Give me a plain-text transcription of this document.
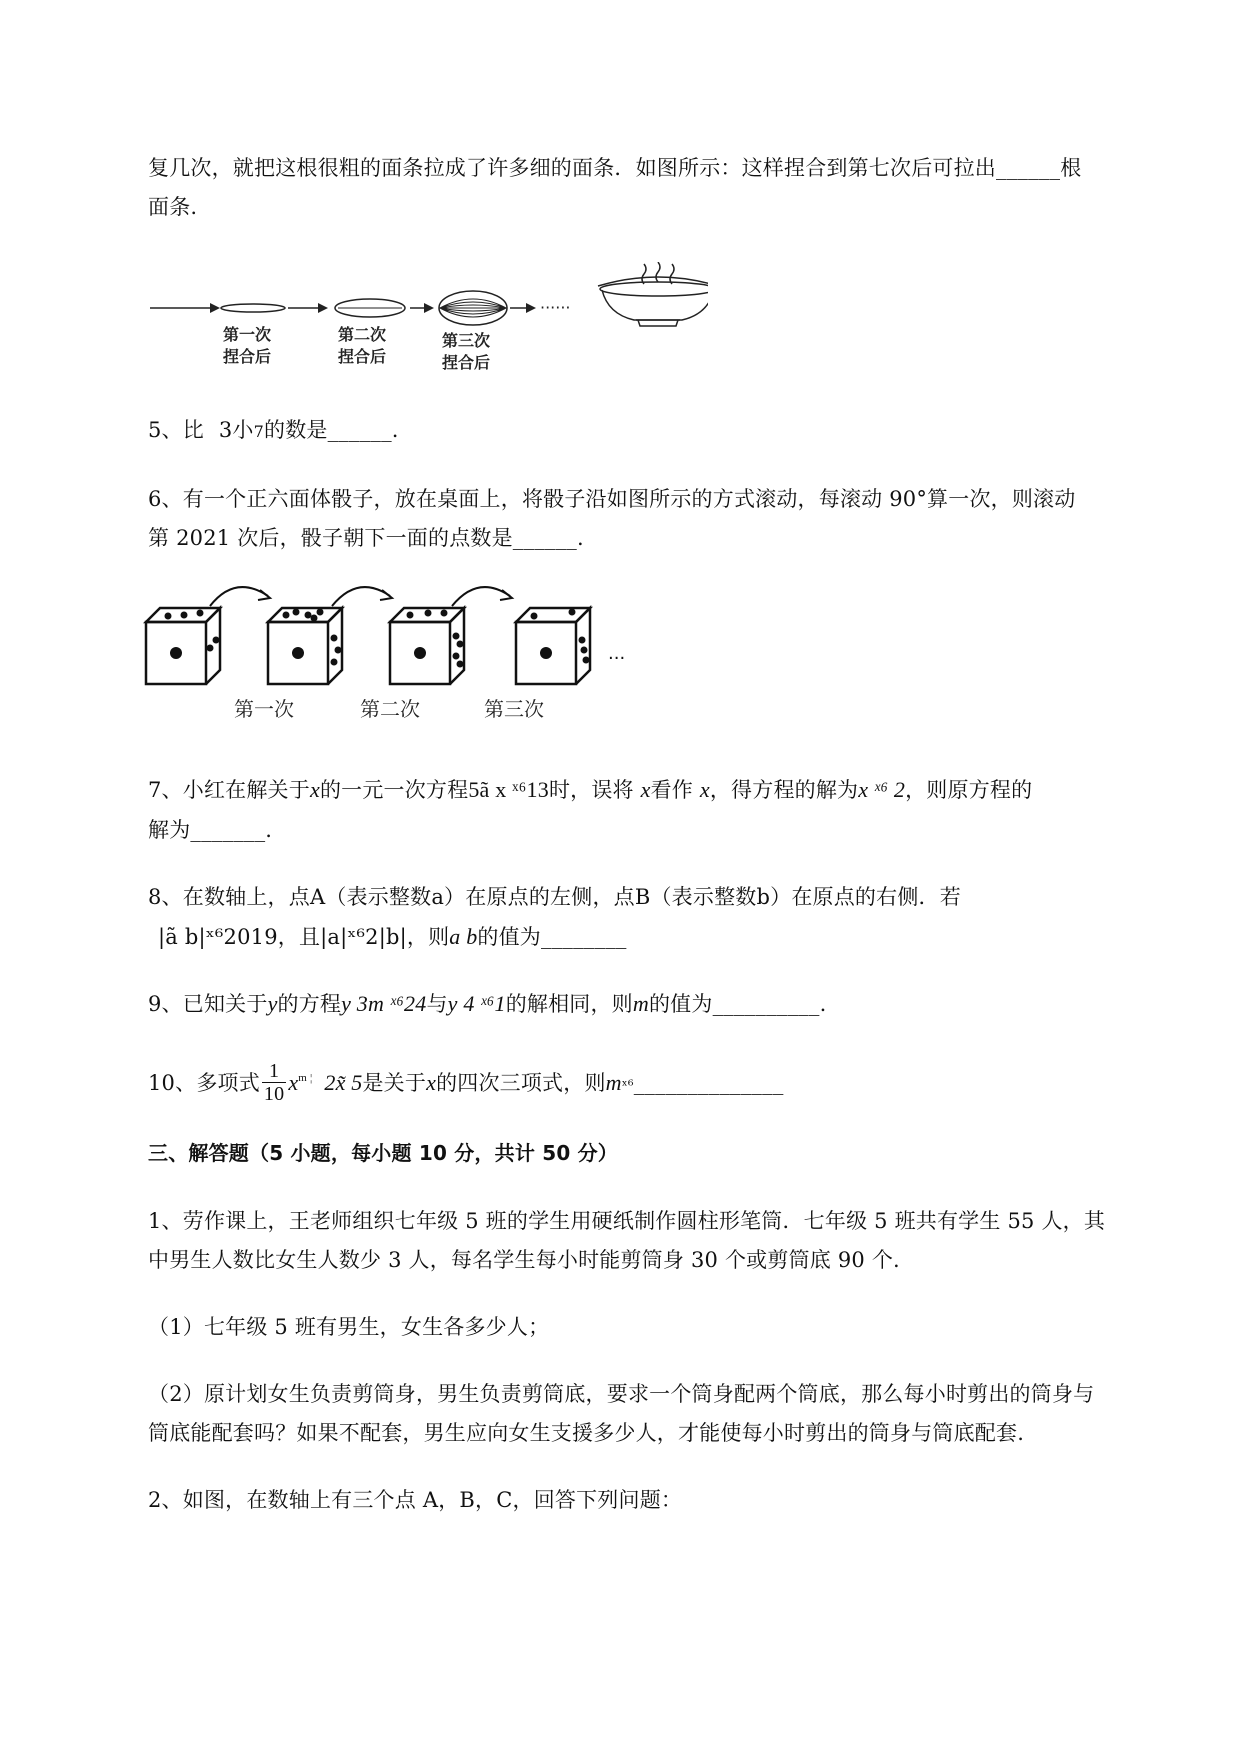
复几次，就把这根很粗的面条拉成了许多细的面条．如图所示：这样捏合到第七次后可拉出______根
面条.
······
第一次
捏合后
第二次
捏合后
第三次
捏合后
5、比 3小7的数是______.
6、有一个正六面体骰子，放在桌面上，将骰子沿如图所示的方式滚动，每滚动 90°算一次，则滚动
第 2021 次后，骰子朝下一面的点数是______.
···
第一次	第二次	第三次
7、小红在解关于x的一元一次方程5ã x ˣ⁶13时，误将 x看作 x，得方程的解为x ˣ⁶ 2，则原方程的
解为_______.
8、在数轴上，点A（表示整数a）在原点的左侧，点B（表示整数b）在原点的右侧．若
|ã b|ˣ⁶2019，且|a|ˣ⁶2|b|，则a b的值为________
9、已知关于y的方程y 3m ˣ⁶24与y 4 ˣ⁶1的解相同，则m的值为__________.
10、多项式 $\frac{1}{10} x^{m ¦}$ 2x̃ 5是关于x的四次三项式，则mˣ⁶______________
三、解答题（5 小题，每小题 10 分，共计 50 分）
1、劳作课上，王老师组织七年级 5 班的学生用硬纸制作圆柱形笔筒．七年级 5 班共有学生 55 人，其
中男生人数比女生人数少 3 人，每名学生每小时能剪筒身 30 个或剪筒底 90 个.
（1）七年级 5 班有男生，女生各多少人；
（2）原计划女生负责剪筒身，男生负责剪筒底，要求一个筒身配两个筒底，那么每小时剪出的筒身与
筒底能配套吗？如果不配套，男生应向女生支援多少人，才能使每小时剪出的筒身与筒底配套.
2、如图，在数轴上有三个点 A，B，C，回答下列问题：
